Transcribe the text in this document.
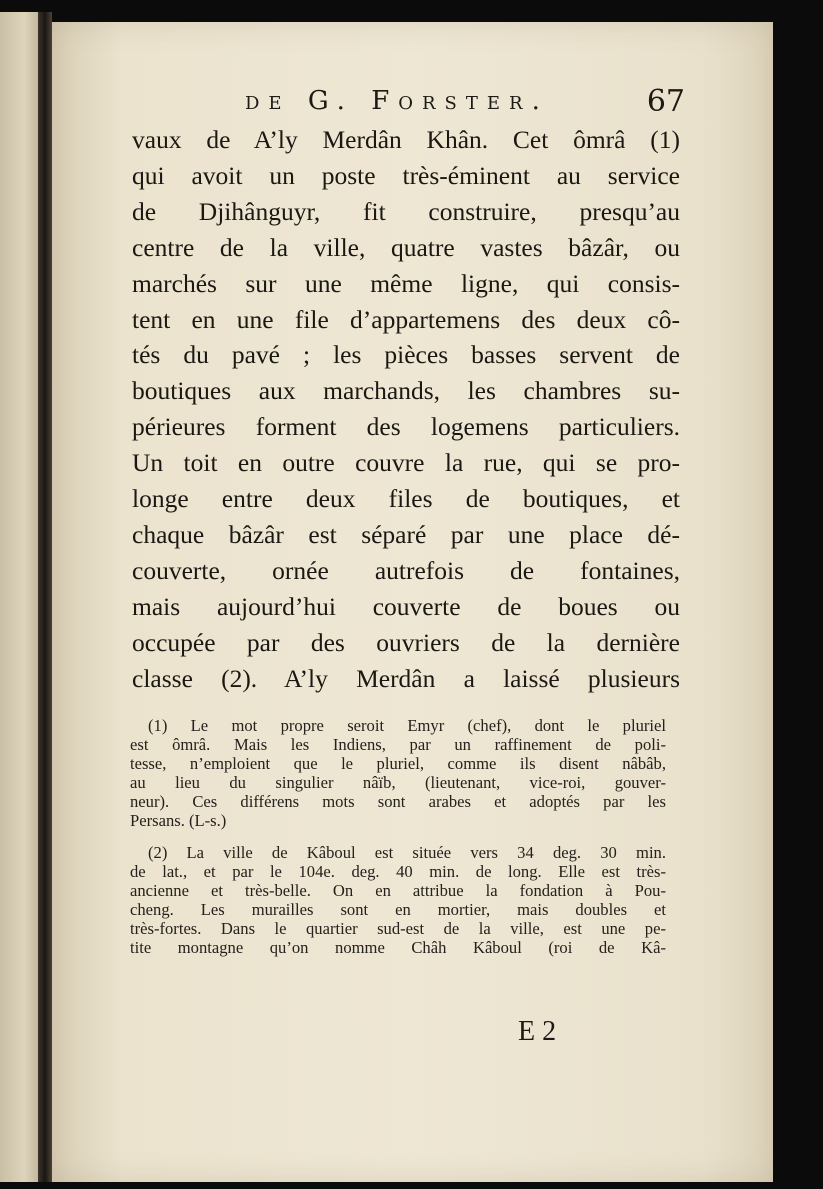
de G. Forster.	67
vaux de A’ly Merdân Khân. Cet ômrâ (1)
qui avoit un poste très-éminent au service
de Djihânguyr, fit construire, presqu’au
centre de la ville, quatre vastes bâzâr, ou
marchés sur une même ligne, qui consis-
tent en une file d’appartemens des deux cô-
tés du pavé ; les pièces basses servent de
boutiques aux marchands, les chambres su-
périeures forment des logemens particuliers.
Un toit en outre couvre la rue, qui se pro-
longe entre deux files de boutiques, et
chaque bâzâr est séparé par une place dé-
couverte, ornée autrefois de fontaines,
mais aujourd’hui couverte de boues ou
occupée par des ouvriers de la dernière
classe (2). A’ly Merdân a laissé plusieurs
(1) Le mot propre seroit Emyr (chef), dont le pluriel
est ômrâ. Mais les Indiens, par un raffinement de poli-
tesse, n’emploient que le pluriel, comme ils disent nâbâb,
au lieu du singulier nâïb, (lieutenant, vice-roi, gouver-
neur). Ces différens mots sont arabes et adoptés par les
Persans. (L-s.)
(2) La ville de Kâboul est située vers 34 deg. 30 min.
de lat., et par le 104e. deg. 40 min. de long. Elle est très-
ancienne et très-belle. On en attribue la fondation à Pou-
cheng. Les murailles sont en mortier, mais doubles et
très-fortes. Dans le quartier sud-est de la ville, est une pe-
tite montagne qu’on nomme Châh Kâboul (roi de Kâ-
E 2
